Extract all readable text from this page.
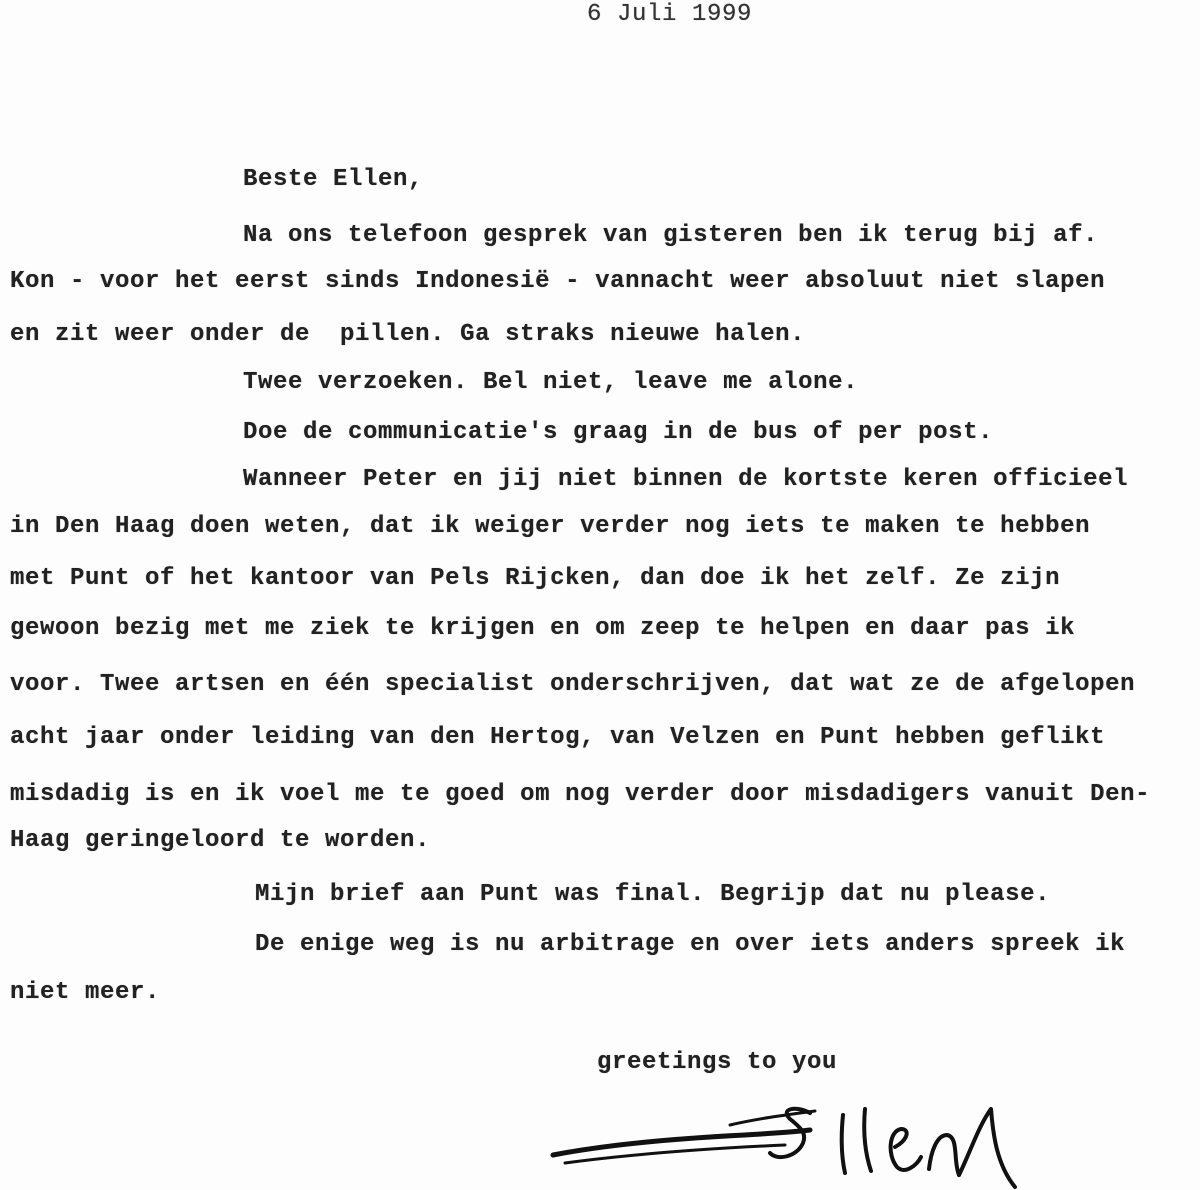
6 Juli 1999
Beste Ellen,
Na ons telefoon gesprek van gisteren ben ik terug bij af.
Kon - voor het eerst sinds Indonesië - vannacht weer absoluut niet slapen
en zit weer onder de  pillen. Ga straks nieuwe halen.
Twee verzoeken. Bel niet, leave me alone.
Doe de communicatie's graag in de bus of per post.
Wanneer Peter en jij niet binnen de kortste keren officieel
in Den Haag doen weten, dat ik weiger verder nog iets te maken te hebben
met Punt of het kantoor van Pels Rijcken, dan doe ik het zelf. Ze zijn
gewoon bezig met me ziek te krijgen en om zeep te helpen en daar pas ik
voor. Twee artsen en één specialist onderschrijven, dat wat ze de afgelopen
acht jaar onder leiding van den Hertog, van Velzen en Punt hebben geflikt
misdadig is en ik voel me te goed om nog verder door misdadigers vanuit Den-
Haag geringeloord te worden.
Mijn brief aan Punt was final. Begrijp dat nu please.
De enige weg is nu arbitrage en over iets anders spreek ik
niet meer.
greetings to you
